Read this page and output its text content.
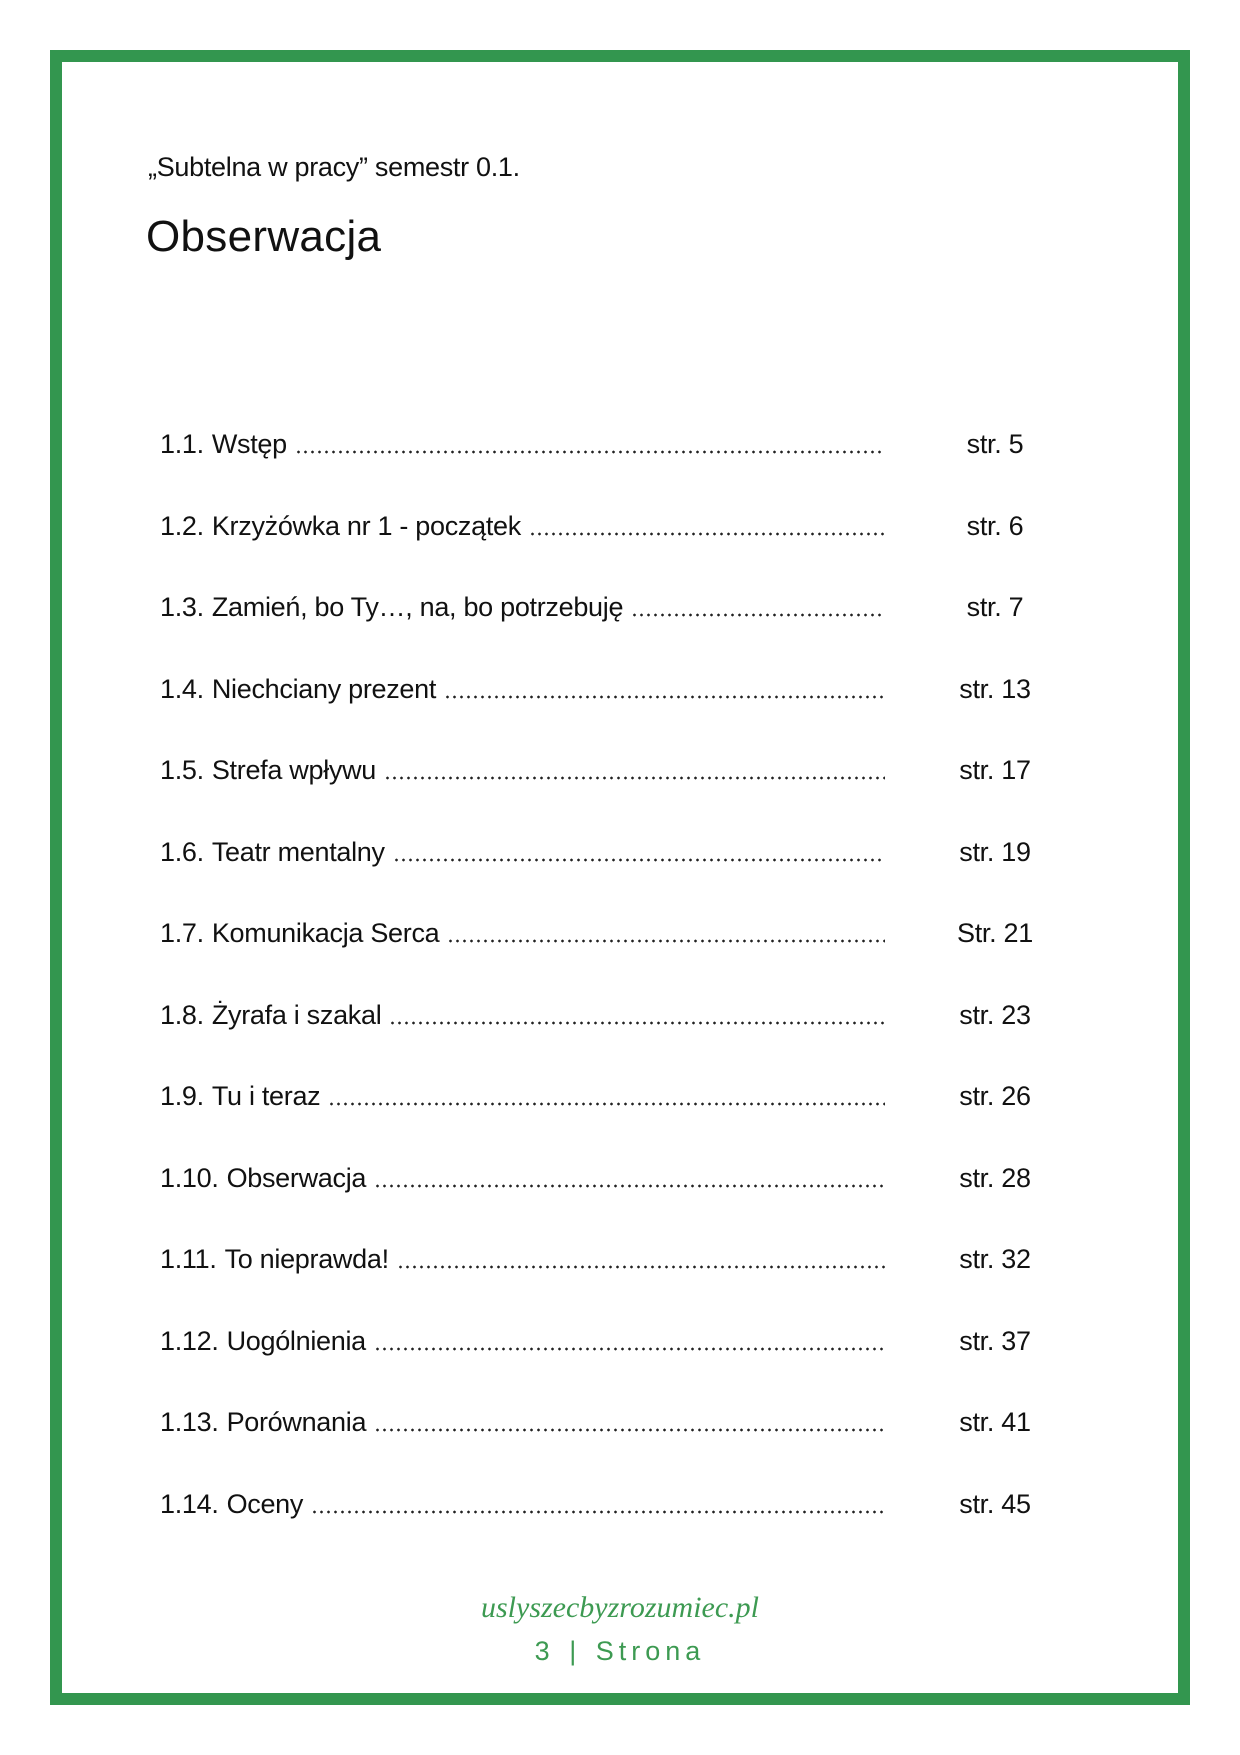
„Subtelna w pracy” semestr 0.1.
Obserwacja
1.1. Wstęp	str. 5
1.2. Krzyżówka nr 1 - początek	str. 6
1.3. Zamień, bo Ty…, na, bo potrzebuję	str. 7
1.4. Niechciany prezent	str. 13
1.5. Strefa wpływu	str. 17
1.6. Teatr mentalny	str. 19
1.7. Komunikacja Serca	Str. 21
1.8. Żyrafa i szakal	str. 23
1.9. Tu i teraz	str. 26
1.10. Obserwacja	str. 28
1.11. To nieprawda!	str. 32
1.12. Uogólnienia	str. 37
1.13. Porównania	str. 41
1.14. Oceny	str. 45
uslyszecbyzrozumiec.pl
3 | Strona
